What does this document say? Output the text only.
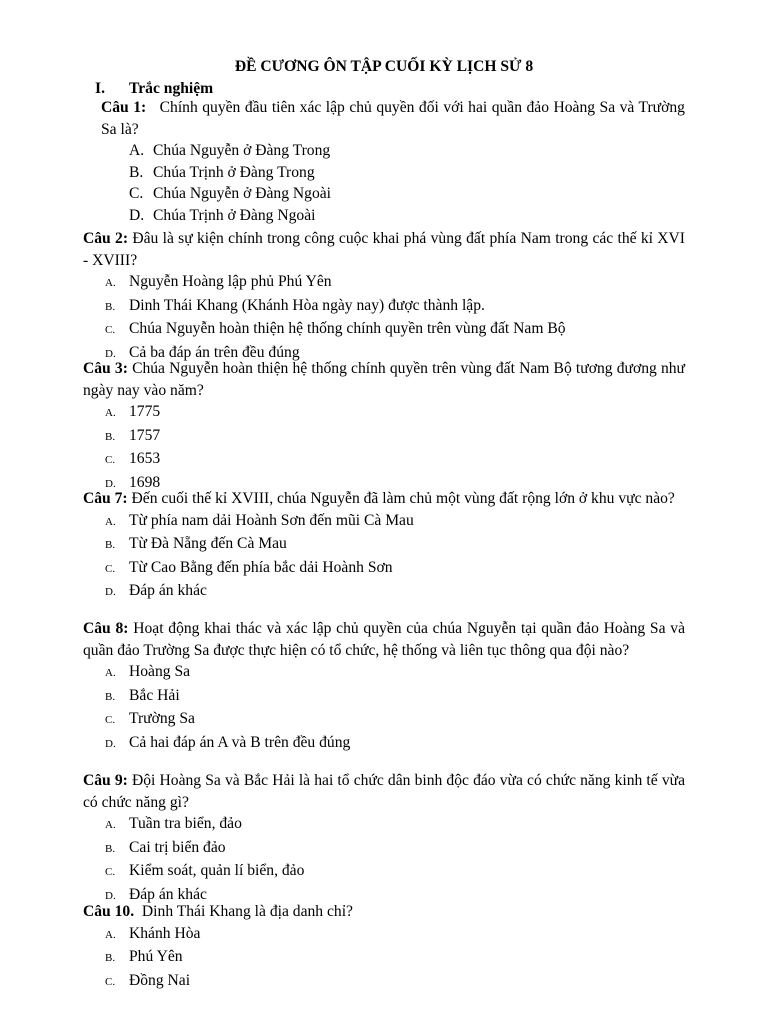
ĐỀ CƯƠNG ÔN TẬP CUỐI KỲ LỊCH SỬ 8
I. Trắc nghiệm

Câu 1: Chính quyền đầu tiên xác lập chủ quyền đối với hai quần đảo Hoàng Sa và Trường Sa là?

A. Chúa Nguyễn ở Đàng Trong
B. Chúa Trịnh ở Đàng Trong
C. Chúa Nguyễn ở Đàng Ngoài
D. Chúa Trịnh ở Đàng Ngoài

Câu 2: Đâu là sự kiện chính trong công cuộc khai phá vùng đất phía Nam trong các thế kỉ XVI - XVIII?

A. Nguyễn Hoàng lập phủ Phú Yên
B. Dinh Thái Khang (Khánh Hòa ngày nay) được thành lập.
C. Chúa Nguyễn hoàn thiện hệ thống chính quyền trên vùng đất Nam Bộ
D. Cả ba đáp án trên đều đúng

Câu 3: Chúa Nguyễn hoàn thiện hệ thống chính quyền trên vùng đất Nam Bộ tương đương như ngày nay vào năm?

A. 1775
B. 1757
C. 1653
D. 1698

Câu 7: Đến cuối thế kỉ XVIII, chúa Nguyễn đã làm chủ một vùng đất rộng lớn ở khu vực nào?

A. Từ phía nam dải Hoành Sơn đến mũi Cà Mau
B. Từ Đà Nẵng đến Cà Mau
C. Từ Cao Bằng đến phía bắc dải Hoành Sơn
D. Đáp án khác

Câu 8: Hoạt động khai thác và xác lập chủ quyền của chúa Nguyễn tại quần đảo Hoàng Sa và quần đảo Trường Sa được thực hiện có tổ chức, hệ thống và liên tục thông qua đội nào?

A. Hoàng Sa
B. Bắc Hải
C. Trường Sa
D. Cả hai đáp án A và B trên đều đúng

Câu 9: Đội Hoàng Sa và Bắc Hải là hai tổ chức dân binh độc đáo vừa có chức năng kinh tế vừa có chức năng gì?

A. Tuần tra biển, đảo
B. Cai trị biển đảo
C. Kiểm soát, quản lí biển, đảo
D. Đáp án khác

Câu 10. Dinh Thái Khang là địa danh chỉ?

A. Khánh Hòa
B. Phú Yên
C. Đồng Nai
